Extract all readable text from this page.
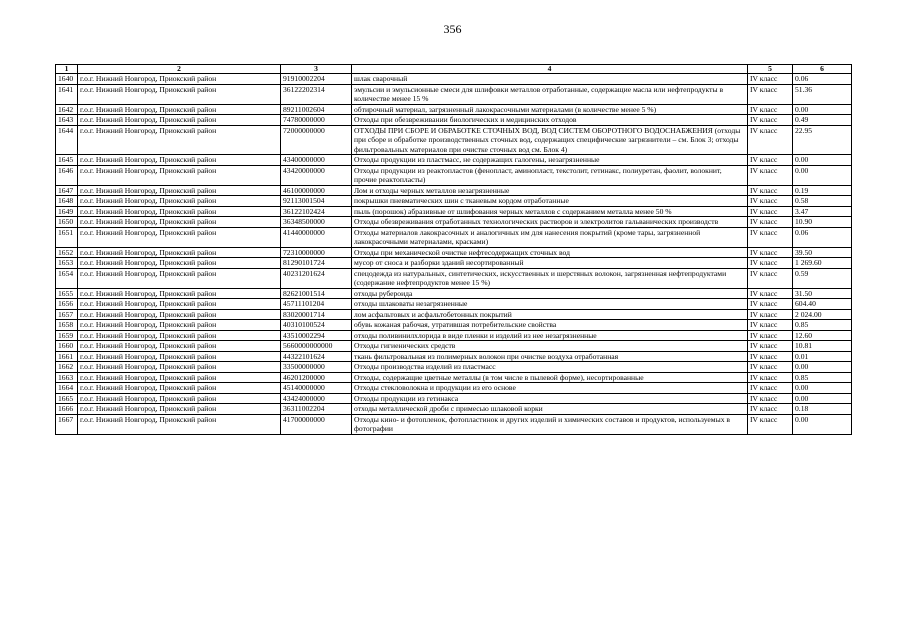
356
1	2	3	4	5	6
1640	г.о.г. Нижний Новгород, Приокский район	91910002204	шлак сварочный	IV класс	0.06
1641	г.о.г. Нижний Новгород, Приокский район	36122202314	эмульсии и эмульсионные смеси для шлифовки металлов отработанные, содержащие масла или нефтепродукты в количестве менее 15 %	IV класс	51.36
1642	г.о.г. Нижний Новгород, Приокский район	89211002604	обтирочный материал, загрязненный лакокрасочными материалами (в количестве менее 5 %)	IV класс	0.00
1643	г.о.г. Нижний Новгород, Приокский район	74780000000	Отходы при обезвреживании биологических и медицинских отходов	IV класс	0.49
1644	г.о.г. Нижний Новгород, Приокский район	72000000000	ОТХОДЫ ПРИ СБОРЕ И ОБРАБОТКЕ СТОЧНЫХ ВОД, ВОД СИСТЕМ ОБОРОТНОГО ВОДОСНАБЖЕНИЯ (отходы при сборе и обработке производственных сточных вод, содержащих специфические загрязнители – см. Блок 3; отходы фильтровальных материалов при очистке сточных вод см. Блок 4)	IV класс	22.95
1645	г.о.г. Нижний Новгород, Приокский район	43400000000	Отходы продукции из пластмасс, не содержащих галогены, незагрязненные	IV класс	0.00
1646	г.о.г. Нижний Новгород, Приокский район	43420000000	Отходы продукции из реактопластов (фенопласт, аминопласт, текстолит, гетинакс, полиуретан, фаолит, волокнит, прочие реактопласты)	IV класс	0.00
1647	г.о.г. Нижний Новгород, Приокский район	46100000000	Лом и отходы черных металлов незагрязненные	IV класс	0.19
1648	г.о.г. Нижний Новгород, Приокский район	92113001504	покрышки пневматических шин с тканевым кордом отработанные	IV класс	0.58
1649	г.о.г. Нижний Новгород, Приокский район	36122102424	пыль (порошок) абразивные от шлифования черных металлов с содержанием металла менее 50 %	IV класс	3.47
1650	г.о.г. Нижний Новгород, Приокский район	36348500000	Отходы обезвреживания отработанных технологических растворов и электролитов гальванических производств	IV класс	10.90
1651	г.о.г. Нижний Новгород, Приокский район	41440000000	Отходы материалов лакокрасочных и аналогичных им для нанесения покрытий (кроме тары, загрязненной лакокрасочными материалами, красками)	IV класс	0.06
1652	г.о.г. Нижний Новгород, Приокский район	72310000000	Отходы при механической очистке нефтесодержащих сточных вод	IV класс	39.50
1653	г.о.г. Нижний Новгород, Приокский район	81290101724	мусор от сноса и разборки зданий несортированный	IV класс	1 269.60
1654	г.о.г. Нижний Новгород, Приокский район	40231201624	спецодежда из натуральных, синтетических, искусственных и шерстяных волокон, загрязненная нефтепродуктами (содержание нефтепродуктов менее 15 %)	IV класс	0.59
1655	г.о.г. Нижний Новгород, Приокский район	82621001514	отходы рубероида	IV класс	31.50
1656	г.о.г. Нижний Новгород, Приокский район	45711101204	отходы шлаковаты незагрязненные	IV класс	604.40
1657	г.о.г. Нижний Новгород, Приокский район	83020001714	лом асфальтовых и асфальтобетонных покрытий	IV класс	2 024.00
1658	г.о.г. Нижний Новгород, Приокский район	40310100524	обувь кожаная рабочая, утратившая потребительские свойства	IV класс	0.85
1659	г.о.г. Нижний Новгород, Приокский район	43510002294	отходы поливинилхлорида в виде пленки и изделий из нее незагрязненные	IV класс	12.60
1660	г.о.г. Нижний Новгород, Приокский район	5660000000000	Отходы гигиенических средств	IV класс	10.81
1661	г.о.г. Нижний Новгород, Приокский район	44322101624	ткань фильтровальная из полимерных волокон при очистке воздуха отработанная	IV класс	0.01
1662	г.о.г. Нижний Новгород, Приокский район	33500000000	Отходы производства изделий из пластмасс	IV класс	0.00
1663	г.о.г. Нижний Новгород, Приокский район	46201200000	Отходы, содержащие цветные металлы (в том числе в пылевой форме), несортированные	IV класс	0.85
1664	г.о.г. Нижний Новгород, Приокский район	45140000000	Отходы стекловолокна и продукции из его основе	IV класс	0.00
1665	г.о.г. Нижний Новгород, Приокский район	43424000000	Отходы продукции из гетинакса	IV класс	0.00
1666	г.о.г. Нижний Новгород, Приокский район	36311002204	отходы металлической дроби с примесью шлаковой корки	IV класс	0.18
1667	г.о.г. Нижний Новгород, Приокский район	41700000000	Отходы кино- и фотопленок, фотопластинок и других изделий и химических составов и продуктов, используемых в фотографии	IV класс	0.00
